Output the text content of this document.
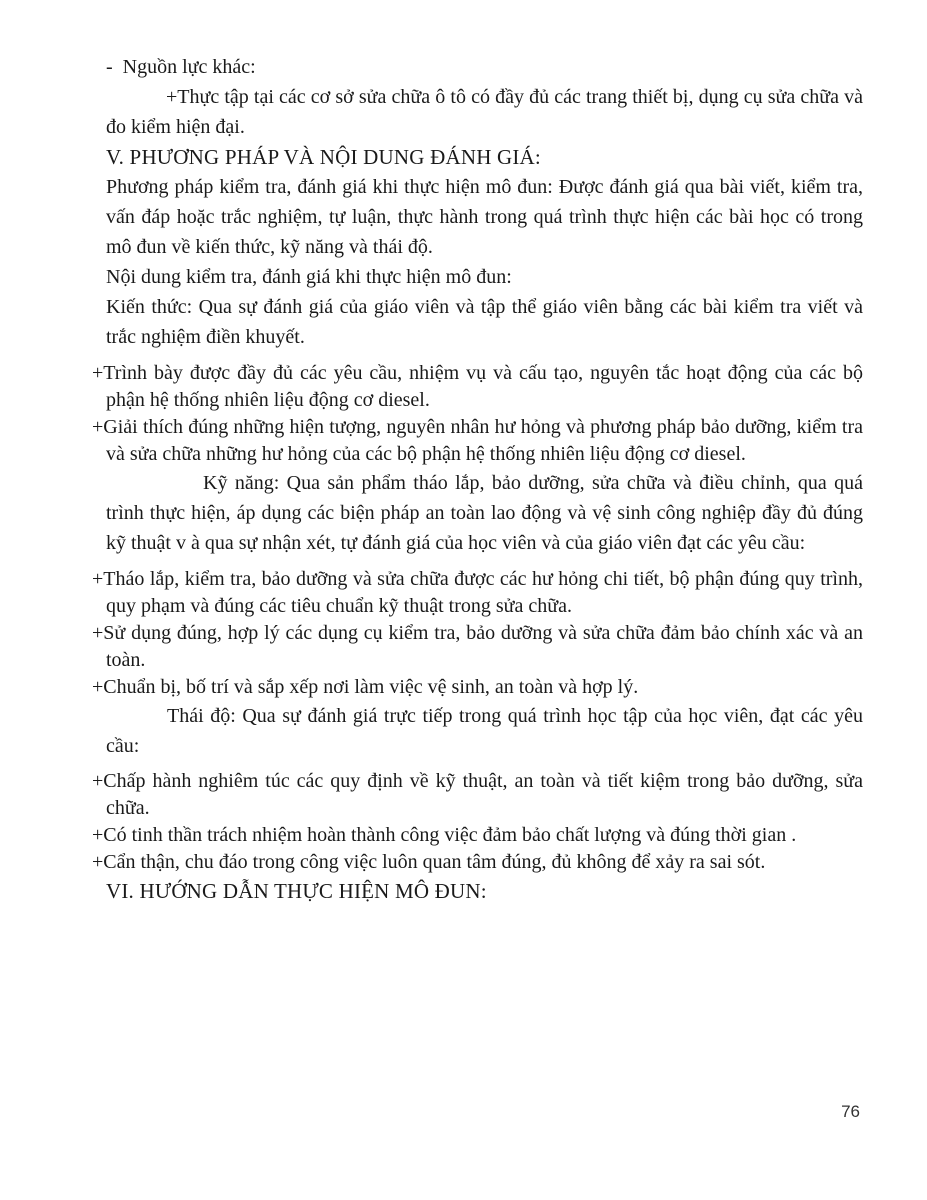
-  Nguồn lực khác:

+Thực tập tại các cơ sở sửa chữa ô tô có đầy đủ các trang thiết bị, dụng cụ sửa chữa và đo kiểm hiện đại.

V. PHƯƠNG PHÁP VÀ NỘI DUNG ĐÁNH GIÁ:

Phương pháp kiểm tra, đánh giá khi thực hiện mô đun: Được đánh giá qua bài viết, kiểm tra, vấn đáp hoặc trắc nghiệm, tự luận, thực hành trong quá trình thực hiện các bài học có trong mô đun về kiến thức, kỹ năng và thái độ.

Nội dung kiểm tra, đánh giá khi thực hiện mô đun:

Kiến thức: Qua sự đánh giá của giáo viên và tập thể giáo viên bằng các bài kiểm tra viết và trắc nghiệm điền khuyết.

+Trình bày được đầy đủ các yêu cầu, nhiệm vụ và cấu tạo, nguyên tắc hoạt động của các bộ phận hệ thống nhiên liệu động cơ diesel.

+Giải thích đúng những hiện tượng, nguyên nhân hư hỏng và phương pháp bảo dưỡng, kiểm tra và sửa chữa những hư hỏng của các bộ phận hệ thống nhiên liệu động cơ diesel.

Kỹ năng: Qua sản phẩm tháo lắp, bảo dưỡng, sửa chữa và điều chỉnh, qua quá trình thực hiện, áp dụng các biện pháp an toàn lao động và vệ sinh công nghiệp đầy đủ đúng kỹ thuật v à qua sự nhận xét, tự đánh giá của học viên và của giáo viên đạt các yêu cầu:

+Tháo lắp, kiểm tra, bảo dưỡng và sửa chữa được các hư hỏng chi tiết, bộ phận đúng quy trình, quy phạm và đúng các tiêu chuẩn kỹ thuật trong sửa chữa.

+Sử dụng đúng, hợp lý các dụng cụ kiểm tra, bảo dưỡng và sửa chữa đảm bảo chính xác và an toàn.

+Chuẩn bị, bố trí và sắp xếp nơi làm việc vệ sinh, an toàn và hợp lý.

Thái độ: Qua sự đánh giá trực tiếp trong quá trình học tập của học viên, đạt các yêu cầu:

+Chấp hành nghiêm túc các quy định về kỹ thuật, an toàn và tiết kiệm trong bảo dưỡng, sửa chữa.

+Có tinh thần trách nhiệm hoàn thành công việc đảm bảo chất lượng và đúng thời gian .

+Cẩn thận, chu đáo trong công việc luôn quan tâm đúng, đủ không để xảy ra sai sót.

VI. HƯỚNG DẪN THỰC HIỆN MÔ ĐUN:
76
